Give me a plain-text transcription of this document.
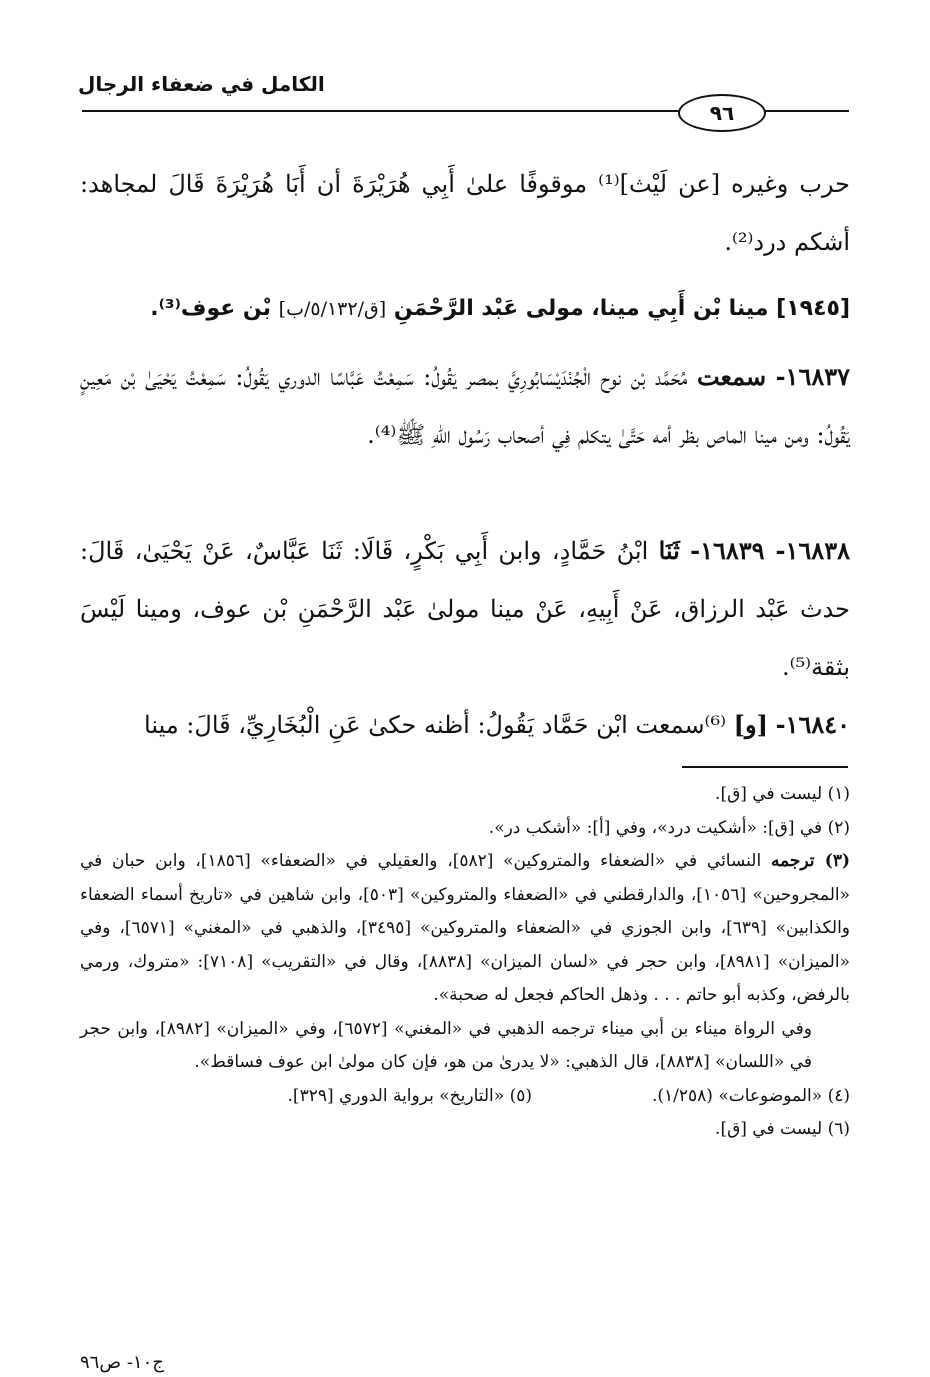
الكامل في ضعفاء الرجال
٩٦

حرب وغيره [عن لَيْث]⁽¹⁾ موقوفًا علىٰ أَبِي هُرَيْرَةَ أن أَبَا هُرَيْرَةَ قَالَ لمجاهد: أشكم درد⁽²⁾.

[١٩٤٥] مينا بْن أَبِي مينا، مولى عَبْد الرَّحْمَنِ [ق/٥/١٣٢/ب] بْن عوف⁽³⁾.

١٦٨٣٧- سمعت مُحَمَّد بْن نوح الْجُنْدَيْسَابُورِيَّ بمصر يَقُولُ: سَمِعْتُ عَبَّاسًا الدوري يَقُولُ: سَمِعْتُ يَحْيَىٰ بْن مَعِينٍ يَقُولُ: ومن مينا الماص بظر أمه حَتَّىٰ يتكلم فِي أصحاب رَسُول اللهِ ﷺ⁽⁴⁾.

١٦٨٣٨- ١٦٨٣٩- ثَنَا ابْنُ حَمَّادٍ، وابن أَبِي بَكْرٍ، قَالَا: ثَنَا عَبَّاسٌ، عَنْ يَحْيَىٰ، قَالَ: حدث عَبْد الرزاق، عَنْ أَبِيهِ، عَنْ مينا مولىٰ عَبْد الرَّحْمَنِ بْن عوف، ومينا لَيْسَ بثقة⁽⁵⁾.

١٦٨٤٠- [و] ⁽⁶⁾سمعت ابْن حَمَّاد يَقُولُ: أظنه حكىٰ عَنِ الْبُخَارِيِّ، قَالَ: مينا

(١) ليست في [ق].

(٢) في [ق]: «أشكيت درد»، وفي [أ]: «أشكب در».

(٣) ترجمه النسائي في «الضعفاء والمتروكين» [٥٨٢]، والعقيلي في «الضعفاء» [١٨٥٦]، وابن حبان في «المجروحين» [١٠٥٦]، والدارقطني في «الضعفاء والمتروكين» [٥٠٣]، وابن شاهين في «تاريخ أسماء الضعفاء والكذابين» [٦٣٩]، وابن الجوزي في «الضعفاء والمتروكين» [٣٤٩٥]، والذهبي في «المغني» [٦٥٧١]، وفي «الميزان» [٨٩٨١]، وابن حجر في «لسان الميزان» [٨٨٣٨]، وقال في «التقريب» [٧١٠٨]: «متروك، ورمي بالرفض، وكذبه أبو حاتم . . . وذهل الحاكم فجعل له صحبة».

وفي الرواة ميناء بن أبي ميناء ترجمه الذهبي في «المغني» [٦٥٧٢]، وفي «الميزان» [٨٩٨٢]، وابن حجر في «اللسان» [٨٨٣٨]، قال الذهبي: «لا يدرىٰ من هو، فإن كان مولىٰ ابن عوف فساقط».

(٤) «الموضوعات» (١/٢٥٨).

(٥) «التاريخ» برواية الدوري [٣٢٩].

(٦) ليست في [ق].

ج١٠- ص٩٦
